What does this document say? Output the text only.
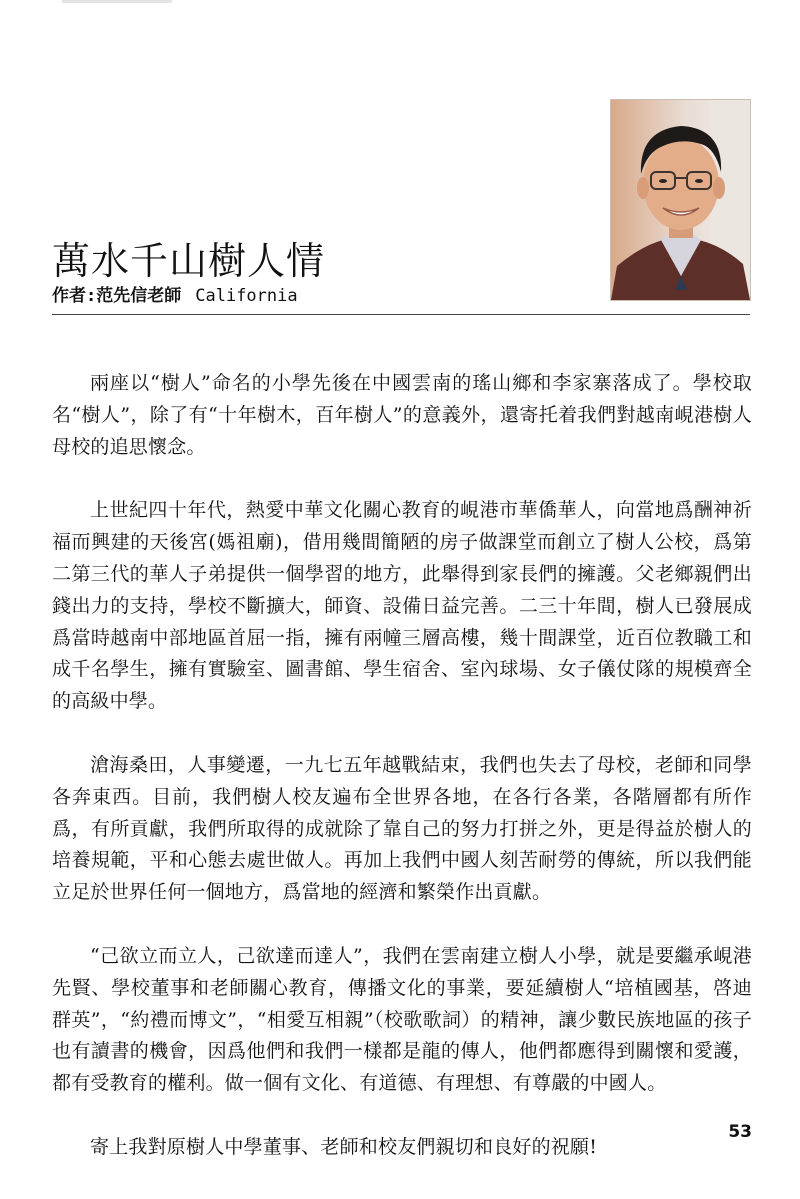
萬水千山樹人情
作者:范先信老師 California

兩座以“樹人”命名的小學先後在中國雲南的瑤山鄉和李家寨落成了。學校取名“樹人”，除了有“十年樹木，百年樹人”的意義外，還寄托着我們對越南峴港樹人母校的追思懷念。

上世紀四十年代，熱愛中華文化關心教育的峴港市華僑華人，向當地爲酬神祈福而興建的天後宮(媽祖廟)，借用幾間簡陋的房子做課堂而創立了樹人公校，爲第二第三代的華人子弟提供一個學習的地方，此舉得到家長們的擁護。父老鄉親們出錢出力的支持，學校不斷擴大，師資、設備日益完善。二三十年間，樹人已發展成爲當時越南中部地區首屈一指，擁有兩幢三層高樓，幾十間課堂，近百位教職工和成千名學生，擁有實驗室、圖書館、學生宿舍、室內球場、女子儀仗隊的規模齊全的高級中學。

滄海桑田，人事變遷，一九七五年越戰結束，我們也失去了母校，老師和同學各奔東西。目前，我們樹人校友遍布全世界各地，在各行各業，各階層都有所作爲，有所貢獻，我們所取得的成就除了靠自己的努力打拼之外，更是得益於樹人的培養規範，平和心態去處世做人。再加上我們中國人刻苦耐勞的傳統，所以我們能立足於世界任何一個地方，爲當地的經濟和繁榮作出貢獻。

“己欲立而立人，己欲達而達人”，我們在雲南建立樹人小學，就是要繼承峴港先賢、學校董事和老師關心教育，傳播文化的事業，要延續樹人“培植國基，啓迪群英”，“約禮而博文”，“相愛互相親”（校歌歌詞）的精神，讓少數民族地區的孩子也有讀書的機會，因爲他們和我們一樣都是龍的傳人，他們都應得到關懷和愛護，都有受教育的權利。做一個有文化、有道德、有理想、有尊嚴的中國人。

寄上我對原樹人中學董事、老師和校友們親切和良好的祝願!

53
